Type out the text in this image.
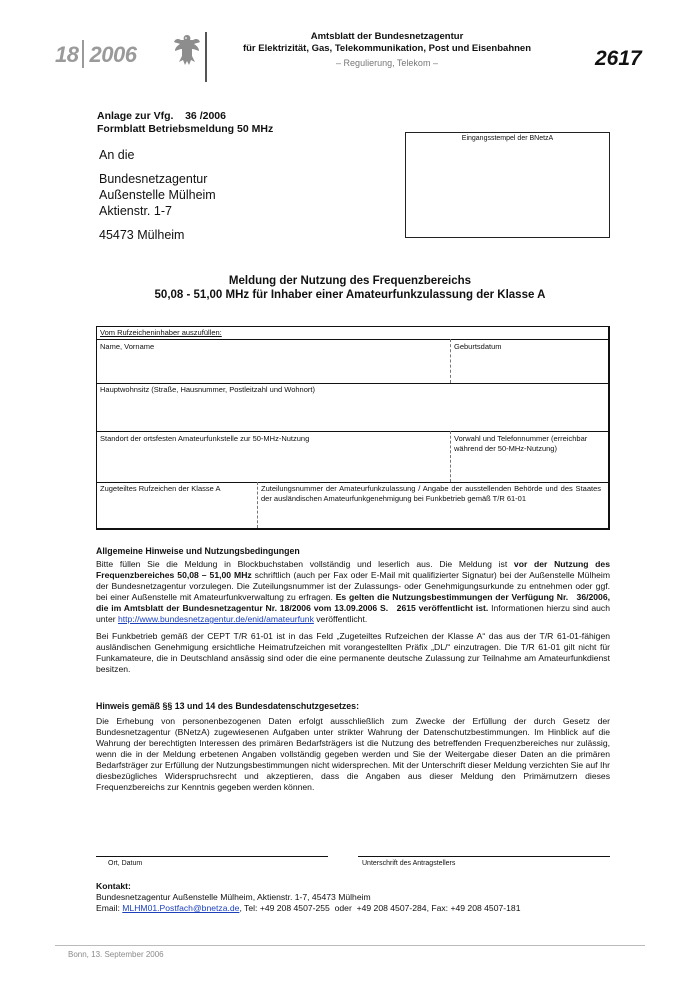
18 2006
Amtsblatt der Bundesnetzagentur
für Elektrizität, Gas, Telekommunikation, Post und Eisenbahnen
– Regulierung, Telekom –	2617
Anlage zur Vfg.    36 /2006
Formblatt Betriebsmeldung 50 MHz
An die
Bundesnetzagentur
Außenstelle Mülheim
Aktienstr. 1-7
45473 Mülheim
Eingangsstempel der BNetzA
Meldung der Nutzung des Frequenzbereichs
50,08 - 51,00 MHz für Inhaber einer Amateurfunkzulassung der Klasse A
Vom Rufzeicheninhaber auszufüllen:
Name, Vorname	Geburtsdatum
Hauptwohnsitz (Straße, Hausnummer, Postleitzahl und Wohnort)
Standort der ortsfesten Amateurfunkstelle zur 50-MHz-Nutzung	Vorwahl und Telefonnummer (erreichbar während der 50-MHz-Nutzung)
Zugeteiltes Rufzeichen der Klasse A	Zuteilungsnummer der Amateurfunkzulassung / Angabe der ausstellenden Behörde und des Staates der ausländischen Amateurfunkgenehmigung bei Funkbetrieb gemäß T/R 61-01
Allgemeine Hinweise und Nutzungsbedingungen
Bitte füllen Sie die Meldung in Blockbuchstaben vollständig und leserlich aus. Die Meldung ist vor der Nutzung des Frequenzbereiches 50,08 – 51,00 MHz schriftlich (auch per Fax oder E-Mail mit qualifizierter Signatur) bei der Außenstelle Mülheim der Bundesnetzagentur vorzulegen. Die Zuteilungsnummer ist der Zulassungs- oder Genehmigungsurkunde zu entnehmen oder ggf. bei einer Außenstelle mit Amateurfunkverwaltung zu erfragen. Es gelten die Nutzungsbestimmungen der Verfügung Nr.   36/2006, die im Amtsblatt der Bundesnetzagentur Nr. 18/2006 vom 13.09.2006 S.   2615 veröffentlicht ist. Informationen hierzu sind auch unter http://www.bundesnetzagentur.de/enid/amateurfunk veröffentlicht.
Bei Funkbetrieb gemäß der CEPT T/R 61-01 ist in das Feld „Zugeteiltes Rufzeichen der Klasse A“ das aus der T/R 61-01-fähigen ausländischen Genehmigung ersichtliche Heimatrufzeichen mit vorangestellten Präfix „DL/“ einzutragen. Die T/R 61-01 gilt nicht für Funkamateure, die in Deutschland ansässig sind oder die eine permanente deutsche Zulassung zur Teilnahme am Amateurfunkdienst besitzen.
Hinweis gemäß §§ 13 und 14 des Bundesdatenschutzgesetzes:
Die Erhebung von personenbezogenen Daten erfolgt ausschließlich zum Zwecke der Erfüllung der durch Gesetz der Bundesnetzagentur (BNetzA) zugewiesenen Aufgaben unter strikter Wahrung der Datenschutzbestimmungen. Im Hinblick auf die Wahrung der berechtigten Interessen des primären Bedarfsträgers ist die Nutzung des betreffenden Frequenzbereiches nur zulässig, wenn die in der Meldung erbetenen Angaben vollständig gegeben werden und Sie der Weitergabe dieser Daten an die primären Bedarfsträger zur Erfüllung der Nutzungsbestimmungen nicht widersprechen. Mit der Unterschrift dieser Meldung verzichten Sie auf Ihr diesbezügliches Widerspruchsrecht und akzeptieren, dass die Angaben aus dieser Meldung den Primärnutzern dieses Frequenzbereichs zur Kenntnis gegeben werden können.
Ort, Datum	Unterschrift des Antragstellers
Kontakt:
Bundesnetzagentur Außenstelle Mülheim, Aktienstr. 1-7, 45473 Mülheim
Email: MLHM01.Postfach@bnetza.de, Tel: +49 208 4507-255  oder  +49 208 4507-284, Fax: +49 208 4507-181
Bonn, 13. September 2006
